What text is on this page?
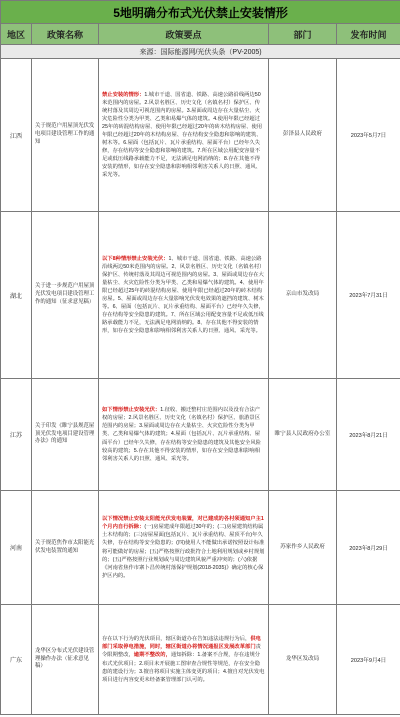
5地明确分布式光伏禁止安装情形				
地区	政策名称	政策要点	部门	发布时间
来源：国际能源网/光伏头条（PV-2005)				
江西	关于规范户用屋顶光伏发电项目建设管理工作的通知	禁止安装的情形：1.城市干道、国省道、铁路、高速公路沿线两边50米范围内的房屋。2.风景名胜区、历史文化（名镇名村）保护区、传统村落及其周边可视范围内的房屋。3.屋面或周边存在大量枯尘、火灾危险性分类为甲类、乙类和易爆气体的建筑。4.使用年限已经超过25年的砖混结构房屋、使用年限已经超过20年的砖木结构房屋、使用年限已经超过20年的木结构房屋、存在结构安全隐患和影响的建筑、树木等。6.屋面（包括瓦片、瓦片承重结构、屋面平台）已经年久失修，存在结构等安全隐患和影响的建筑。7.所在区域公用配变容量不足或低压线路承载能力不足，无法满足电网消纳的；8.存在其他不得安装的情形，如存在安全隐患和影响相邻利害关系人的日照、通风、采光等。	彭泽县人民政府	2023年5月7日
湖北	关于进一步规范户用屋顶光伏发电项目建设管理工作的通知（征求意见稿）	以下8种情形禁止安装光伏：1、城市干道、国省道、铁路、高速公路沿线两边50米范围内的房屋。2、风景名胜区、历史文化（名镇名村）保护区、传统村落及其周边可视范围内的房屋。3、屋面或周边存在大量枯尘、火灾危险性分类为甲类、乙类和易爆气体的建筑。4、使用年限已经超过25年的砖混结构房屋、使用年限已经超过20年的砖木结构房屋。5、屋面或周边存在大量影响光伏发电效果的遮挡的建筑、树木等。6、屋面（包括瓦片、瓦片承重结构、屋面平台）已经年久失修，存在结构等安全隐患的建筑。7、所在区域公用配变容量不足或低压线路承载能力不足，无法满足电网消纳的。8、存在其他不得安装的情形，如存在安全隐患和影响相邻利害关系人的日照、通风、采光等。	京山市发改局	2023年7月31日
江苏	关于印发《睢宁县规范屋顶光伏发电项目建设管理办法》的通知	如下情形禁止安装光伏：1.征收、搬迁整村庄范围内以及没有合法产权的房屋；2.风景名胜区、历史文化（名镇名村）保护区、旅游景区范围内的房屋；3.屋面或周边存在大量枯尘、火灾危险性分类为甲类、乙类和易爆气体的建筑；4.屋面（包括瓦片、瓦片承重结构、屋面平台）已经年久失修，存在结构等安全隐患的建筑及其他安全风险较高的建筑；5.存在其他不得安装的情形，如存在安全隐患和影响相邻利害关系人的日照、通风、采光等。	睢宁县人民政府办公室	2023年8月21日
河南	关于规范焦作市太阳能光伏发电装置的通知	以下情况禁止安装太阳能光伏发电装置，对已建成的各村须通知户主1个月内自行拆除：(一)房屋建成年限超过30年的；(二)房屋建筑结构属土木结构的；(三)房屋屋面(包括瓦片、瓦片承重结构、屋顶平台)年久失修，存在结构等安全隐患的；(四)使用人不能做出承诺按照设计标准将可能做好的房屋；(五)严格按照行政批符合土地利用规划或乡村规划的；(五)严格按照行业规划或与周边建筑风貌严重冲突的；(六)依据《河南省焦作市寨卜昌传统村落保护规划(2018-2035)》确定的核心保护区内的。	苏家作乡人民政府	2023年8月29日
广东	龙华区分布式光伏建设管理操作办法（征求意见稿）	存在以下行为的光伏项目，辖区街道办在告知违法违规行为后，供电部门采取停电措施，同时，辖区街道办将情况通报区发展改革部门责令限期整改，逾期不整改的，通知拆除：1.备案不合规，存在违规分布式光伏项目；2.项目未开展施工图审查合规性等规范，存在安全隐患的建设行为；3.擅自将项目实施主体变更的项目；4.擅自对光伏发电项目进行内容变更未经备案管理部门认可的。	龙华区发改局	2023年9月4日
